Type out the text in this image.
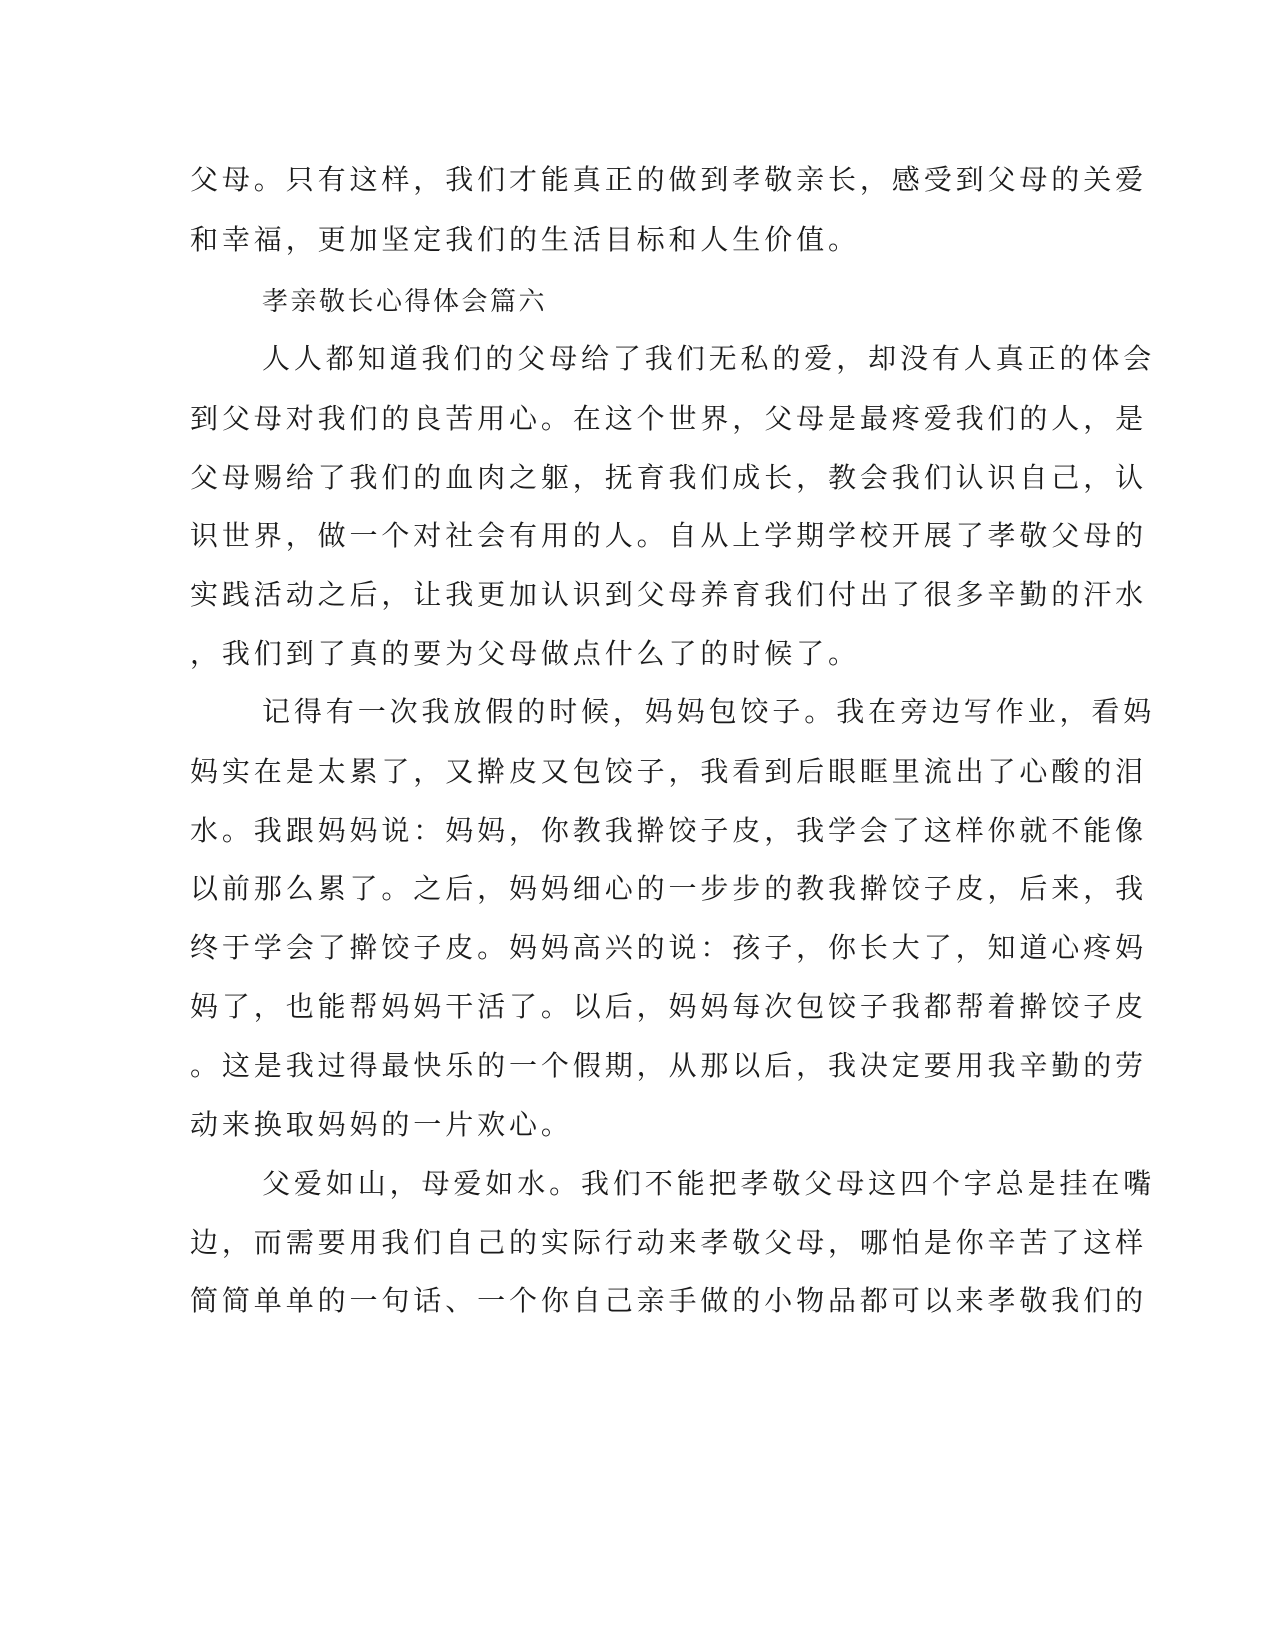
父母。只有这样，我们才能真正的做到孝敬亲长，感受到父母的关爱
和幸福，更加坚定我们的生活目标和人生价值。
孝亲敬长心得体会篇六
人人都知道我们的父母给了我们无私的爱，却没有人真正的体会
到父母对我们的良苦用心。在这个世界，父母是最疼爱我们的人，是
父母赐给了我们的血肉之躯，抚育我们成长，教会我们认识自己，认
识世界，做一个对社会有用的人。自从上学期学校开展了孝敬父母的
实践活动之后，让我更加认识到父母养育我们付出了很多辛勤的汗水
，我们到了真的要为父母做点什么了的时候了。
记得有一次我放假的时候，妈妈包饺子。我在旁边写作业，看妈
妈实在是太累了，又擀皮又包饺子，我看到后眼眶里流出了心酸的泪
水。我跟妈妈说：妈妈，你教我擀饺子皮，我学会了这样你就不能像
以前那么累了。之后，妈妈细心的一步步的教我擀饺子皮，后来，我
终于学会了擀饺子皮。妈妈高兴的说：孩子，你长大了，知道心疼妈
妈了，也能帮妈妈干活了。以后，妈妈每次包饺子我都帮着擀饺子皮
。这是我过得最快乐的一个假期，从那以后，我决定要用我辛勤的劳
动来换取妈妈的一片欢心。
父爱如山，母爱如水。我们不能把孝敬父母这四个字总是挂在嘴
边，而需要用我们自己的实际行动来孝敬父母，哪怕是你辛苦了这样
简简单单的一句话、一个你自己亲手做的小物品都可以来孝敬我们的
